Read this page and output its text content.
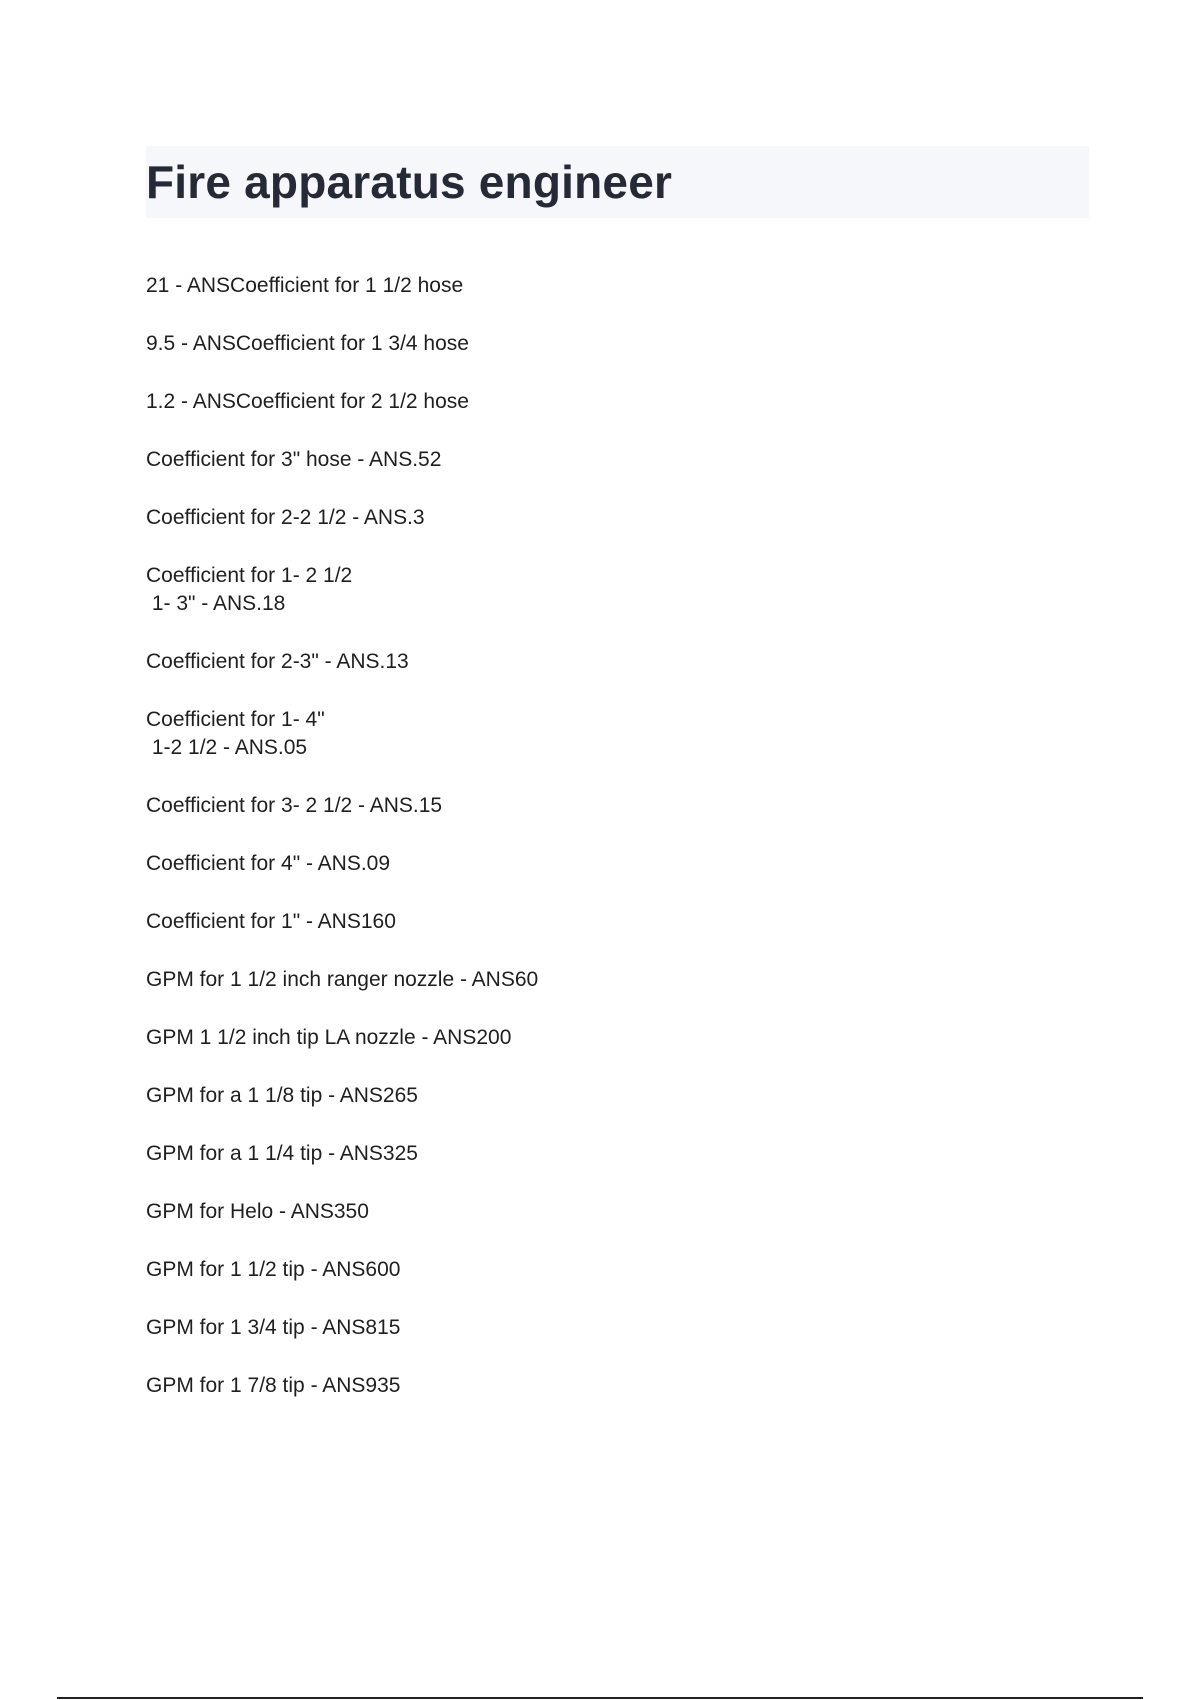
Fire apparatus engineer
21 - ANSCoefficient for 1 1/2 hose
9.5 - ANSCoefficient for 1 3/4 hose
1.2 - ANSCoefficient for 2 1/2 hose
Coefficient for 3" hose - ANS.52
Coefficient for 2-2 1/2 - ANS.3
Coefficient for 1- 2 1/2
1- 3" - ANS.18
Coefficient for 2-3" - ANS.13
Coefficient for 1- 4"
1-2 1/2 - ANS.05
Coefficient for 3- 2 1/2 - ANS.15
Coefficient for 4" - ANS.09
Coefficient for 1" - ANS160
GPM for 1 1/2 inch ranger nozzle - ANS60
GPM 1 1/2 inch tip LA nozzle - ANS200
GPM for a 1 1/8 tip - ANS265
GPM for a 1 1/4 tip - ANS325
GPM for Helo - ANS350
GPM for 1 1/2 tip - ANS600
GPM for 1 3/4 tip - ANS815
GPM for 1 7/8 tip - ANS935
